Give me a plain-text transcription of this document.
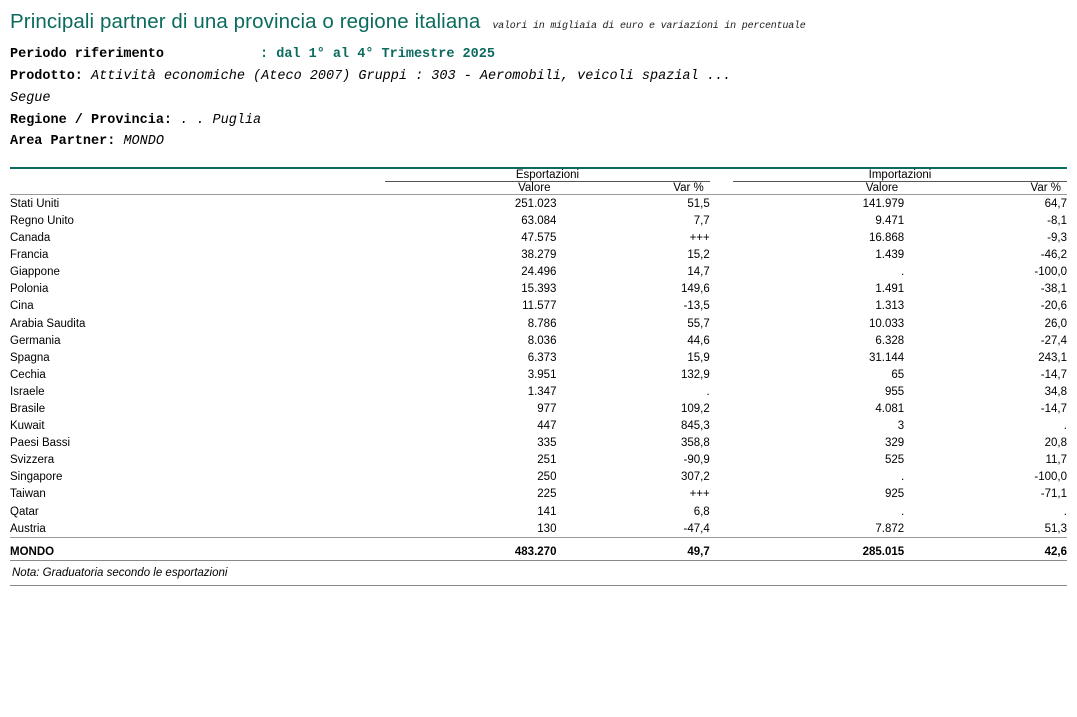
Principali partner di una provincia o regione italiana valori in migliaia di euro e variazioni in percentuale
Periodo riferimento	: dal 1° al 4° Trimestre 2025
Prodotto: Attività economiche (Ateco 2007) Gruppi : 303 - Aeromobili, veicoli spazial ...
Segue
Regione / Provincia: . . Puglia
Area Partner: MONDO

	Esportazioni			Importazioni	
	Valore	Var %		Valore	Var %

Stati Uniti	251.023	51,5		141.979	64,7
Regno Unito	63.084	7,7		9.471	-8,1
Canada	47.575	+++		16.868	-9,3
Francia	38.279	15,2		1.439	-46,2
Giappone	24.496	14,7		.	-100,0
Polonia	15.393	149,6		1.491	-38,1
Cina	11.577	-13,5		1.313	-20,6
Arabia Saudita	8.786	55,7		10.033	26,0
Germania	8.036	44,6		6.328	-27,4
Spagna	6.373	15,9		31.144	243,1
Cechia	3.951	132,9		65	-14,7
Israele	1.347	.		955	34,8
Brasile	977	109,2		4.081	-14,7
Kuwait	447	845,3		3	.
Paesi Bassi	335	358,8		329	20,8
Svizzera	251	-90,9		525	11,7
Singapore	250	307,2		.	-100,0
Taiwan	225	+++		925	-71,1
Qatar	141	6,8		.	.
Austria	130	-47,4		7.872	51,3

MONDO	483.270	49,7		285.015	42,6

Nota: Graduatoria secondo le esportazioni
